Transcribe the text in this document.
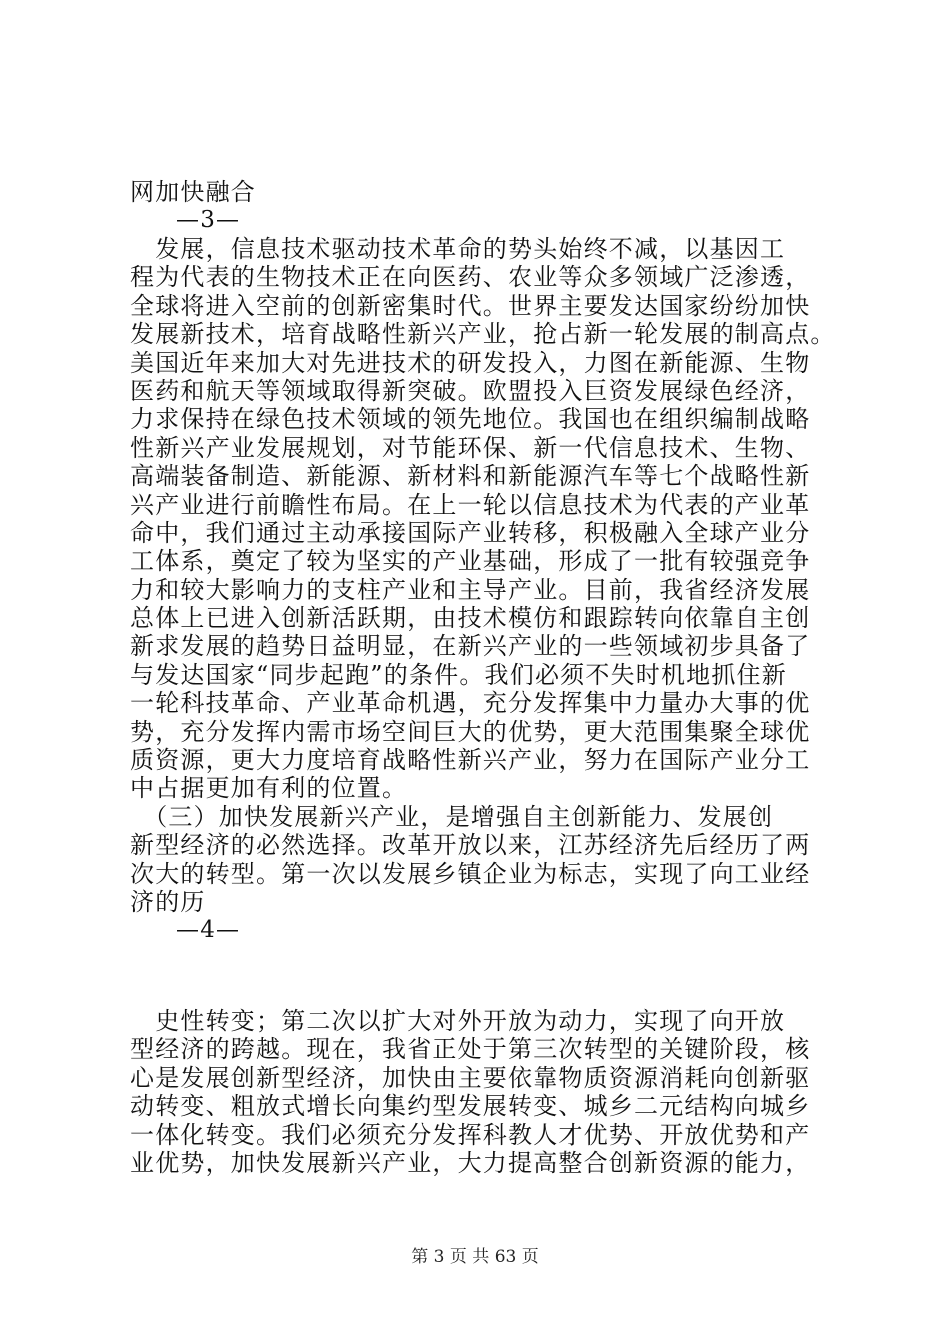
网加快融合
—3—
　发展，信息技术驱动技术革命的势头始终不减，以基因工
程为代表的生物技术正在向医药、农业等众多领域广泛渗透，
全球将进入空前的创新密集时代。世界主要发达国家纷纷加快
发展新技术，培育战略性新兴产业，抢占新一轮发展的制高点。
美国近年来加大对先进技术的研发投入，力图在新能源、生物
医药和航天等领域取得新突破。欧盟投入巨资发展绿色经济，
力求保持在绿色技术领域的领先地位。我国也在组织编制战略
性新兴产业发展规划，对节能环保、新一代信息技术、生物、
高端装备制造、新能源、新材料和新能源汽车等七个战略性新
兴产业进行前瞻性布局。在上一轮以信息技术为代表的产业革
命中，我们通过主动承接国际产业转移，积极融入全球产业分
工体系，奠定了较为坚实的产业基础，形成了一批有较强竞争
力和较大影响力的支柱产业和主导产业。目前，我省经济发展
总体上已进入创新活跃期，由技术模仿和跟踪转向依靠自主创
新求发展的趋势日益明显，在新兴产业的一些领域初步具备了
与发达国家“同步起跑”的条件。我们必须不失时机地抓住新
一轮科技革命、产业革命机遇，充分发挥集中力量办大事的优
势，充分发挥内需市场空间巨大的优势，更大范围集聚全球优
质资源，更大力度培育战略性新兴产业，努力在国际产业分工
中占据更加有利的位置。
　（三）加快发展新兴产业，是增强自主创新能力、发展创
新型经济的必然选择。改革开放以来，江苏经济先后经历了两
次大的转型。第一次以发展乡镇企业为标志，实现了向工业经
济的历
—4—
　史性转变；第二次以扩大对外开放为动力，实现了向开放
型经济的跨越。现在，我省正处于第三次转型的关键阶段，核
心是发展创新型经济，加快由主要依靠物质资源消耗向创新驱
动转变、粗放式增长向集约型发展转变、城乡二元结构向城乡
一体化转变。我们必须充分发挥科教人才优势、开放优势和产
业优势，加快发展新兴产业，大力提高整合创新资源的能力，
第 3 页 共 63 页
